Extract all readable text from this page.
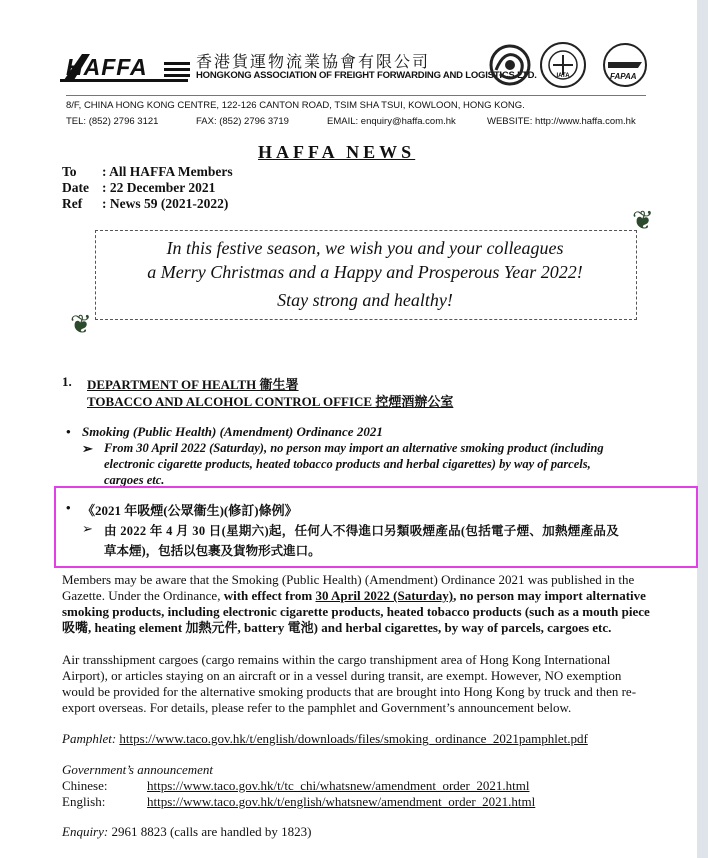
HAFFA	香港貨運物流業協會有限公司
HONGKONG ASSOCIATION OF FREIGHT FORWARDING AND LOGISTICS LTD.	IATA	FAPAA
8/F, CHINA HONG KONG CENTRE, 122-126 CANTON ROAD, TSIM SHA TSUI, KOWLOON, HONG KONG.
TEL: (852) 2796 3121	FAX: (852) 2796 3719	EMAIL: enquiry@haffa.com.hk	WEBSITE: http://www.haffa.com.hk
HAFFA NEWS
To : All HAFFA Members
Date : 22 December 2021
Ref : News 59 (2021-2022)
❦
❦
In this festive season, we wish you and your colleagues
a Merry Christmas and a Happy and Prosperous Year 2022!
Stay strong and healthy!
1. DEPARTMENT OF HEALTH 衞生署
TOBACCO AND ALCOHOL CONTROL OFFICE 控煙酒辦公室
• Smoking (Public Health) (Amendment) Ordinance 2021
➢ From 30 April 2022 (Saturday), no person may import an alternative smoking product (including
electronic cigarette products, heated tobacco products and herbal cigarettes) by way of parcels,
cargoes etc.
• 《2021 年吸煙(公眾衞生)(修訂)條例》
➢ 由 2022 年 4 月 30 日(星期六)起，任何人不得進口另類吸煙產品(包括電子煙、加熱煙產品及
草本煙)，包括以包裹及貨物形式進口。
Members may be aware that the Smoking (Public Health) (Amendment) Ordinance 2021 was published in the
Gazette. Under the Ordinance, with effect from 30 April 2022 (Saturday), no person may import alternative
smoking products, including electronic cigarette products, heated tobacco products (such as a mouth piece
吸嘴, heating element 加熱元件, battery 電池) and herbal cigarettes, by way of parcels, cargoes etc.
Air transshipment cargoes (cargo remains within the cargo transhipment area of Hong Kong International
Airport), or articles staying on an aircraft or in a vessel during transit, are exempt. However, NO exemption
would be provided for the alternative smoking products that are brought into Hong Kong by truck and then re-
export overseas. For details, please refer to the pamphlet and Government’s announcement below.
Pamphlet: https://www.taco.gov.hk/t/english/downloads/files/smoking_ordinance_2021pamphlet.pdf
Government’s announcement
Chinese:	https://www.taco.gov.hk/t/tc_chi/whatsnew/amendment_order_2021.html
English:	https://www.taco.gov.hk/t/english/whatsnew/amendment_order_2021.html
Enquiry: 2961 8823 (calls are handled by 1823)
